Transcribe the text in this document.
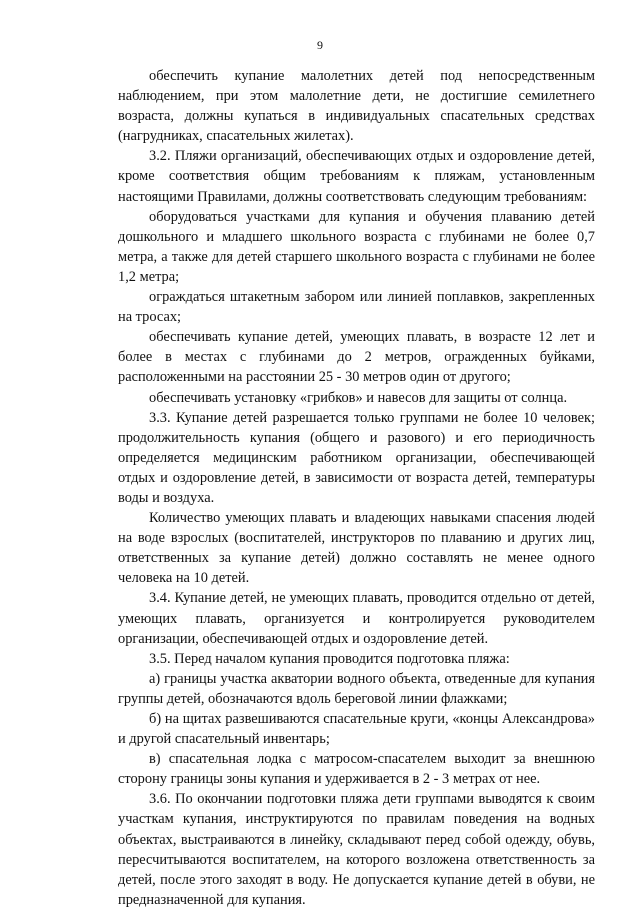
9

обеспечить купание малолетних детей под непосредственным наблюдением, при этом малолетние дети, не достигшие семилетнего возраста, должны купаться в индивидуальных спасательных средствах (нагрудниках, спасательных жилетах).

3.2. Пляжи организаций, обеспечивающих отдых и оздоровление детей, кроме соответствия общим требованиям к пляжам, установленным настоящими Правилами, должны соответствовать следующим требованиям:

оборудоваться участками для купания и обучения плаванию детей дошкольного и младшего школьного возраста с глубинами не более 0,7 метра, а также для детей старшего школьного возраста с глубинами не более 1,2 метра;

ограждаться штакетным забором или линией поплавков, закрепленных на тросах;

обеспечивать купание детей, умеющих плавать, в возрасте 12 лет и более в местах с глубинами до 2 метров, огражденных буйками, расположенными на расстоянии 25 - 30 метров один от другого;

обеспечивать установку «грибков» и навесов для защиты от солнца.

3.3. Купание детей разрешается только группами не более 10 человек; продолжительность купания (общего и разового) и его периодичность определяется медицинским работником организации, обеспечивающей отдых и оздоровление детей, в зависимости от возраста детей, температуры воды и воздуха.

Количество умеющих плавать и владеющих навыками спасения людей на воде взрослых (воспитателей, инструкторов по плаванию и других лиц, ответственных за купание детей) должно составлять не менее одного человека на 10 детей.

3.4. Купание детей, не умеющих плавать, проводится отдельно от детей, умеющих плавать, организуется и контролируется руководителем организации, обеспечивающей отдых и оздоровление детей.

3.5. Перед началом купания проводится подготовка пляжа:

а) границы участка акватории водного объекта, отведенные для купания группы детей, обозначаются вдоль береговой линии флажками;

б) на щитах развешиваются спасательные круги, «концы Александрова» и другой спасательный инвентарь;

в) спасательная лодка с матросом-спасателем выходит за внешнюю сторону границы зоны купания и удерживается в 2 - 3 метрах от нее.

3.6. По окончании подготовки пляжа дети группами выводятся к своим участкам купания, инструктируются по правилам поведения на водных объектах, выстраиваются в линейку, складывают перед собой одежду, обувь, пересчитываются воспитателем, на которого возложена ответственность за детей, после этого заходят в воду. Не допускается купание детей в обуви, не предназначенной для купания.
